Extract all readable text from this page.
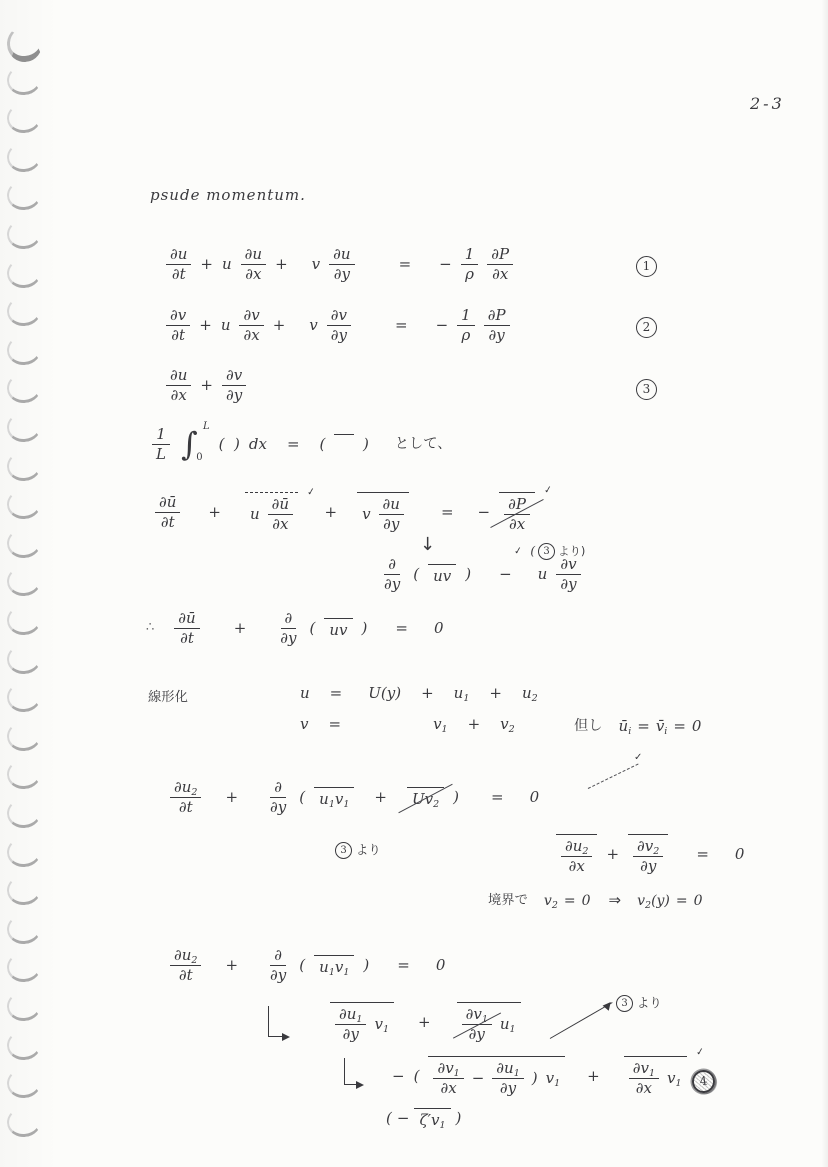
2-3
psude momentum.
$\frac{\partial u}{\partial t} + u \frac{\partial u}{\partial x} + v \frac{\partial u}{\partial y}$	= − $\frac{1}{\rho} \frac{\partial P}{\partial x}$	1
$\frac{\partial v}{\partial t} + u \frac{\partial v}{\partial x} + v \frac{\partial v}{\partial y}$	= − $\frac{1}{\rho} \frac{\partial P}{\partial y}$	2
$\frac{\partial u}{\partial x} + \frac{\partial v}{\partial y}$	3
$\frac{1}{L}$ ∫ L
0
(  ) dx = (
	) として、
$\frac{\partial ū}{\partial t} + u \frac{\partial ū}{\partial x}$
✓
+ v $\frac{\partial u}{\partial y}$ = − $\frac{\partial P}{\partial x}$
✓
↓
$\frac{\partial}{\partial y}$ ( uv ) − u $\frac{\partial v}{\partial y}$
✓ ( 3 より)
∴ $\frac{\partial ū}{\partial t} + \frac{\partial}{\partial y}$ ( uv ) = 0
線形化	$u = U(y) + u_1 + u_2$
v =	$v_1 + v_2$	但し $ū_i$ = $v̄_i = 0$
$\frac{\partial u_2}{\partial t} + \frac{\partial}{\partial y}$ ( $u_1v_1 + Uv_2$ ) = 0
✓
3 より	$\frac{\partial u_2}{\partial x} + \frac{\partial v_2}{\partial y} = 0$
境界で $v_2 = 0$ ⇒ $v_2(y) = 0$
$\frac{\partial u_2}{\partial t} + \frac{\partial}{\partial y}$ ( $u_1v_1$ ) = 0
$\frac{\partial u_1}{\partial y} v_1 + \frac{\partial v_1}{\partial y} u_1$
3 より
− ( $\frac{\partial v_1}{\partial x} - \frac{\partial u_1}{\partial y}$ ) $v_1 + \frac{\partial v_1}{\partial x} v_1$
✓
4
( − $\zeta'v_1$ )
